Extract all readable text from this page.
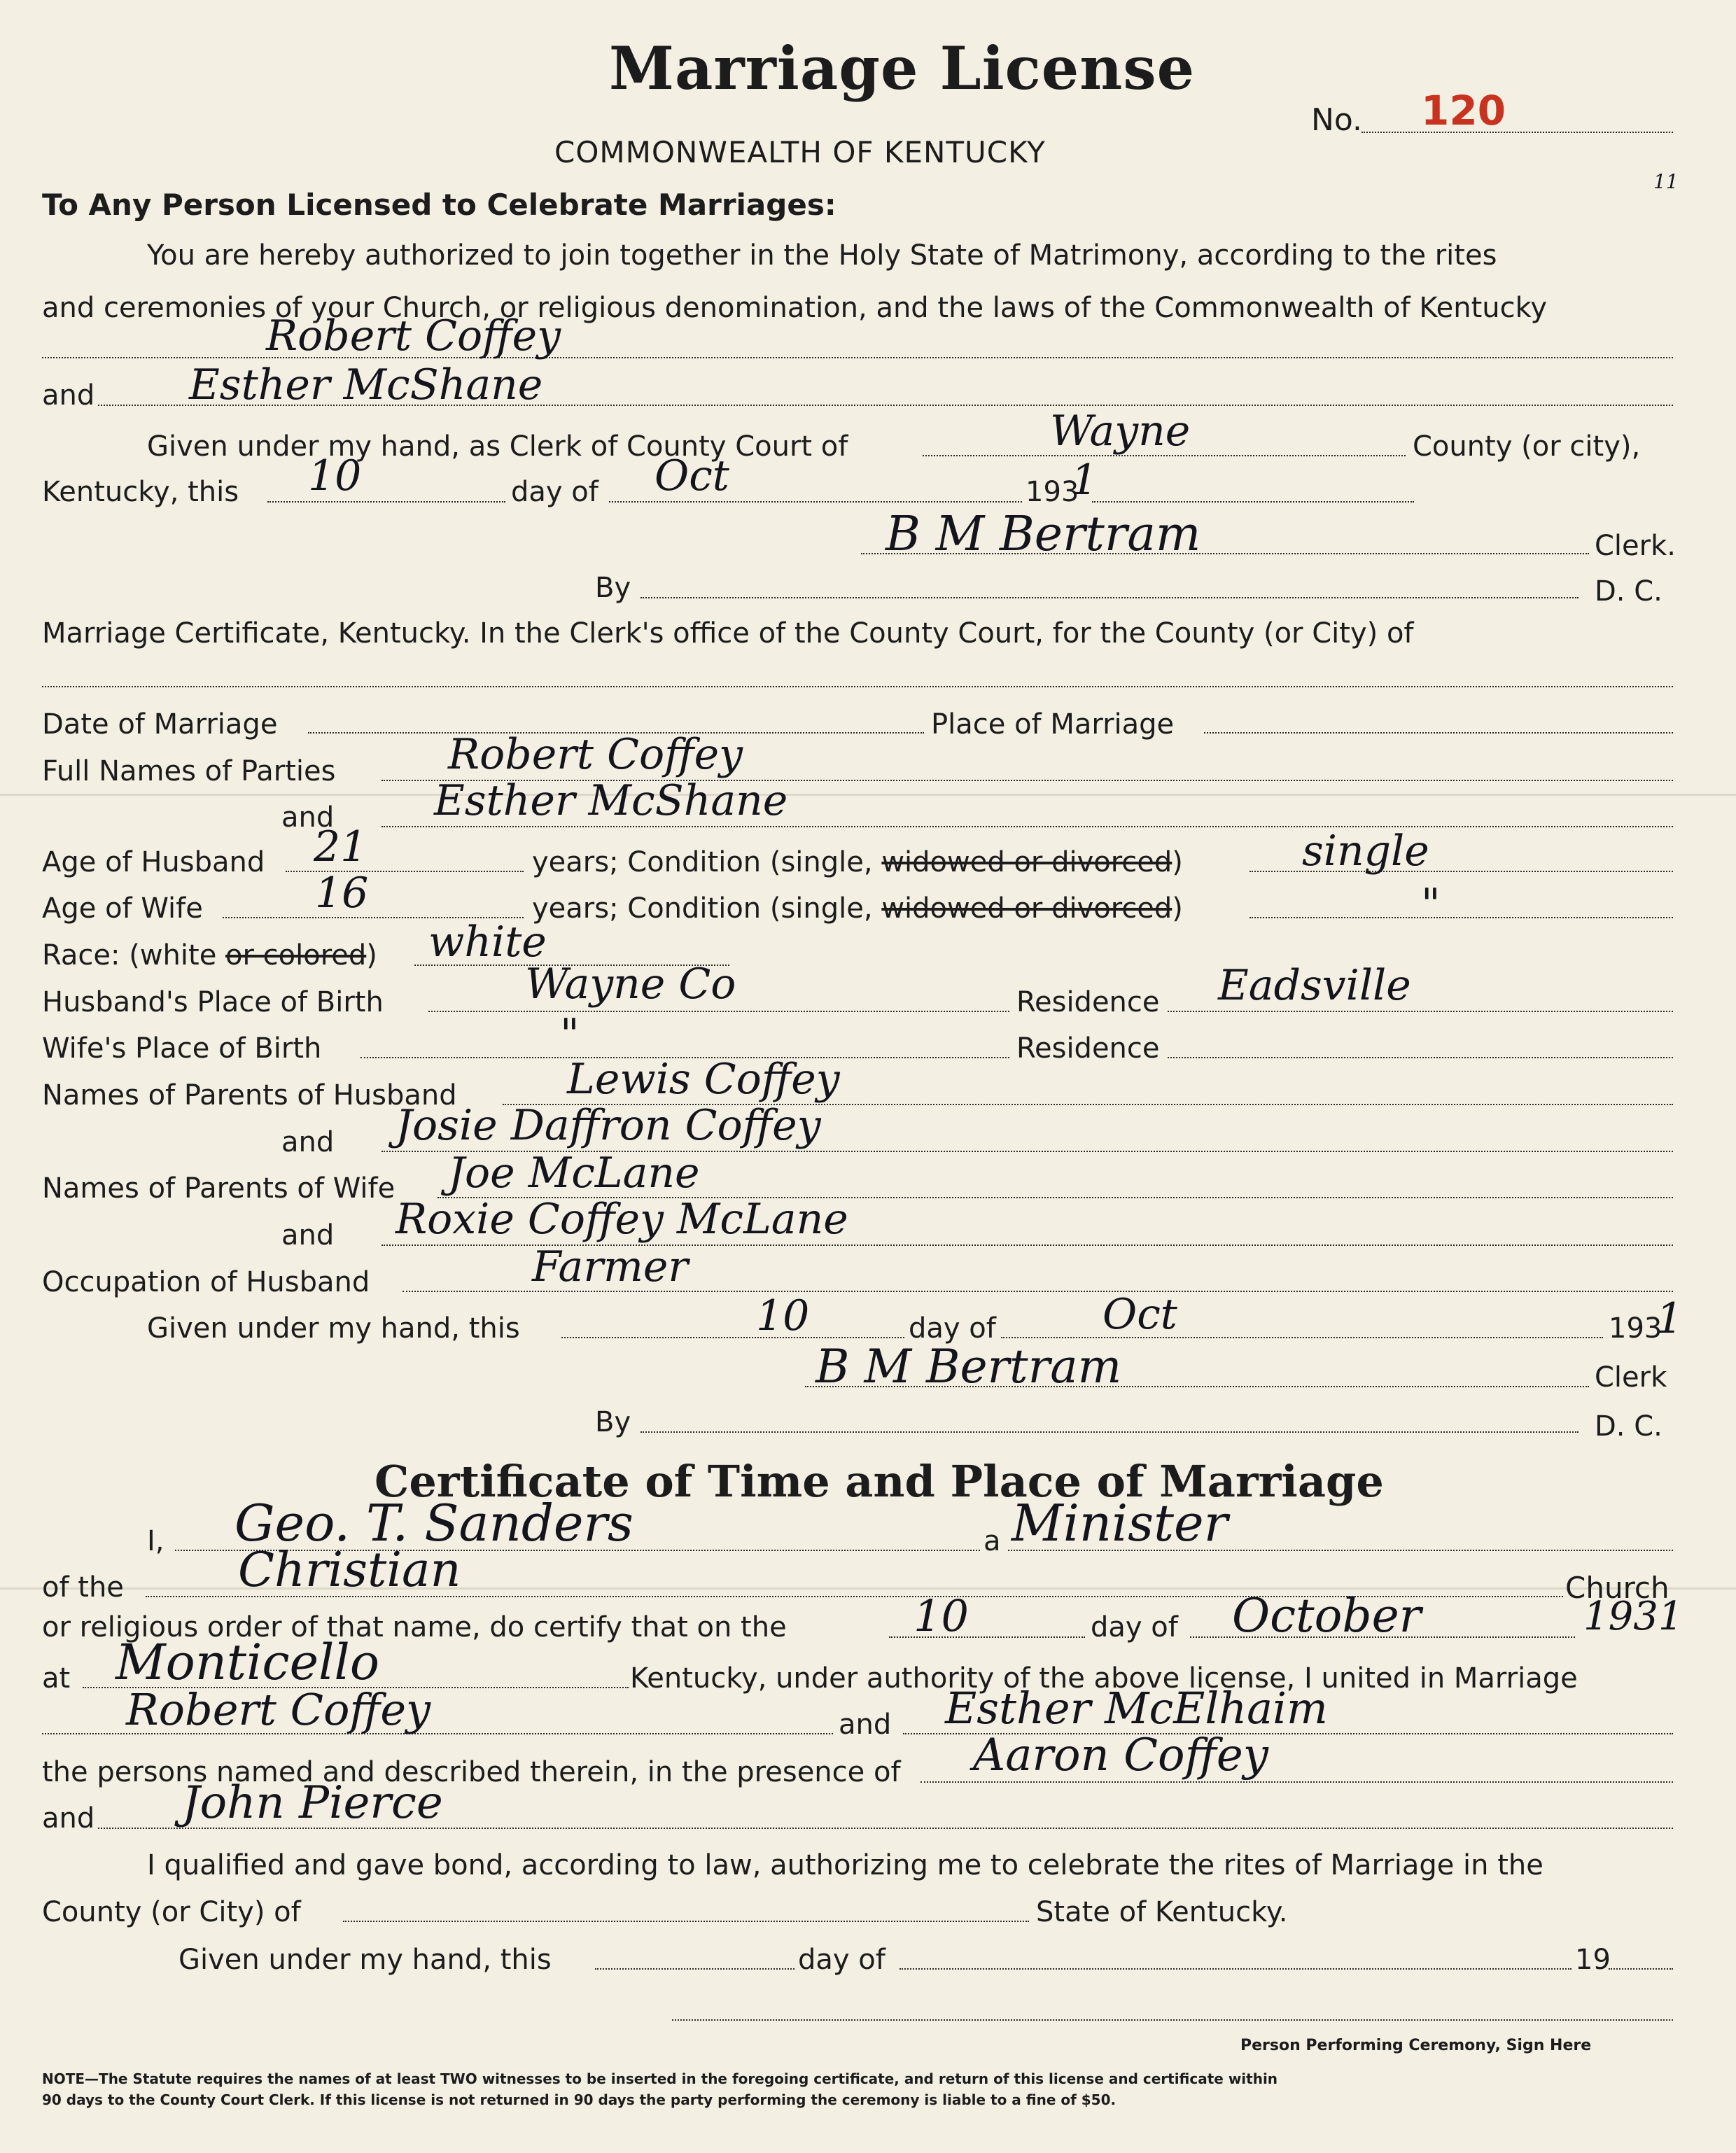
Marriage License
No. 120
COMMONWEALTH OF KENTUCKY
11
To Any Person Licensed to Celebrate Marriages:
You are hereby authorized to join together in the Holy State of Matrimony, according to the rites
and ceremonies of your Church, or religious denomination, and the laws of the Commonwealth of Kentucky
Robert Coffey
and Esther McShane
Given under my hand, as Clerk of County Court of	Wayne	County (or city),
Kentucky, this 10	day of Oct	193
1
B M Bertram	Clerk.
By	D. C.
Marriage Certificate, Kentucky. In the Clerk's office of the County Court, for the County (or City) of
Date of Marriage	Place of Marriage
Full Names of Parties	Robert Coffey
and Esther McShane
Age of Husband 21	years; Condition (single, widowed or divorced)	single
Age of Wife	16	years; Condition (single, widowed or divorced)	"
Race: (white or colored) white
Husband's Place of Birth	Wayne Co	Residence Eadsville
Wife's Place of Birth	"	Residence
Names of Parents of Husband	Lewis Coffey
and Josie Daffron Coffey
Names of Parents of Wife Joe McLane
and Roxie Coffey McLane
Occupation of Husband	Farmer
Given under my hand, this	10	day of	Oct	193
1
B M Bertram	Clerk
By	D. C.
Certificate of Time and Place of Marriage
I, Geo. T. Sanders	a Minister
of the Christian	Church
or religious order of that name, do certify that on the	10	day of October	1931
at Monticello	Kentucky, under authority of the above license, I united in Marriage
Robert Coffey	and Esther McElhaim
the persons named and described therein, in the presence of Aaron Coffey
and John Pierce
I qualified and gave bond, according to law, authorizing me to celebrate the rites of Marriage in the
County (or City) of	State of Kentucky.
Given under my hand, this	day of	19
Person Performing Ceremony, Sign Here
NOTE—The Statute requires the names of at least TWO witnesses to be inserted in the foregoing certificate, and return of this license and certificate within
90 days to the County Court Clerk. If this license is not returned in 90 days the party performing the ceremony is liable to a fine of $50.
